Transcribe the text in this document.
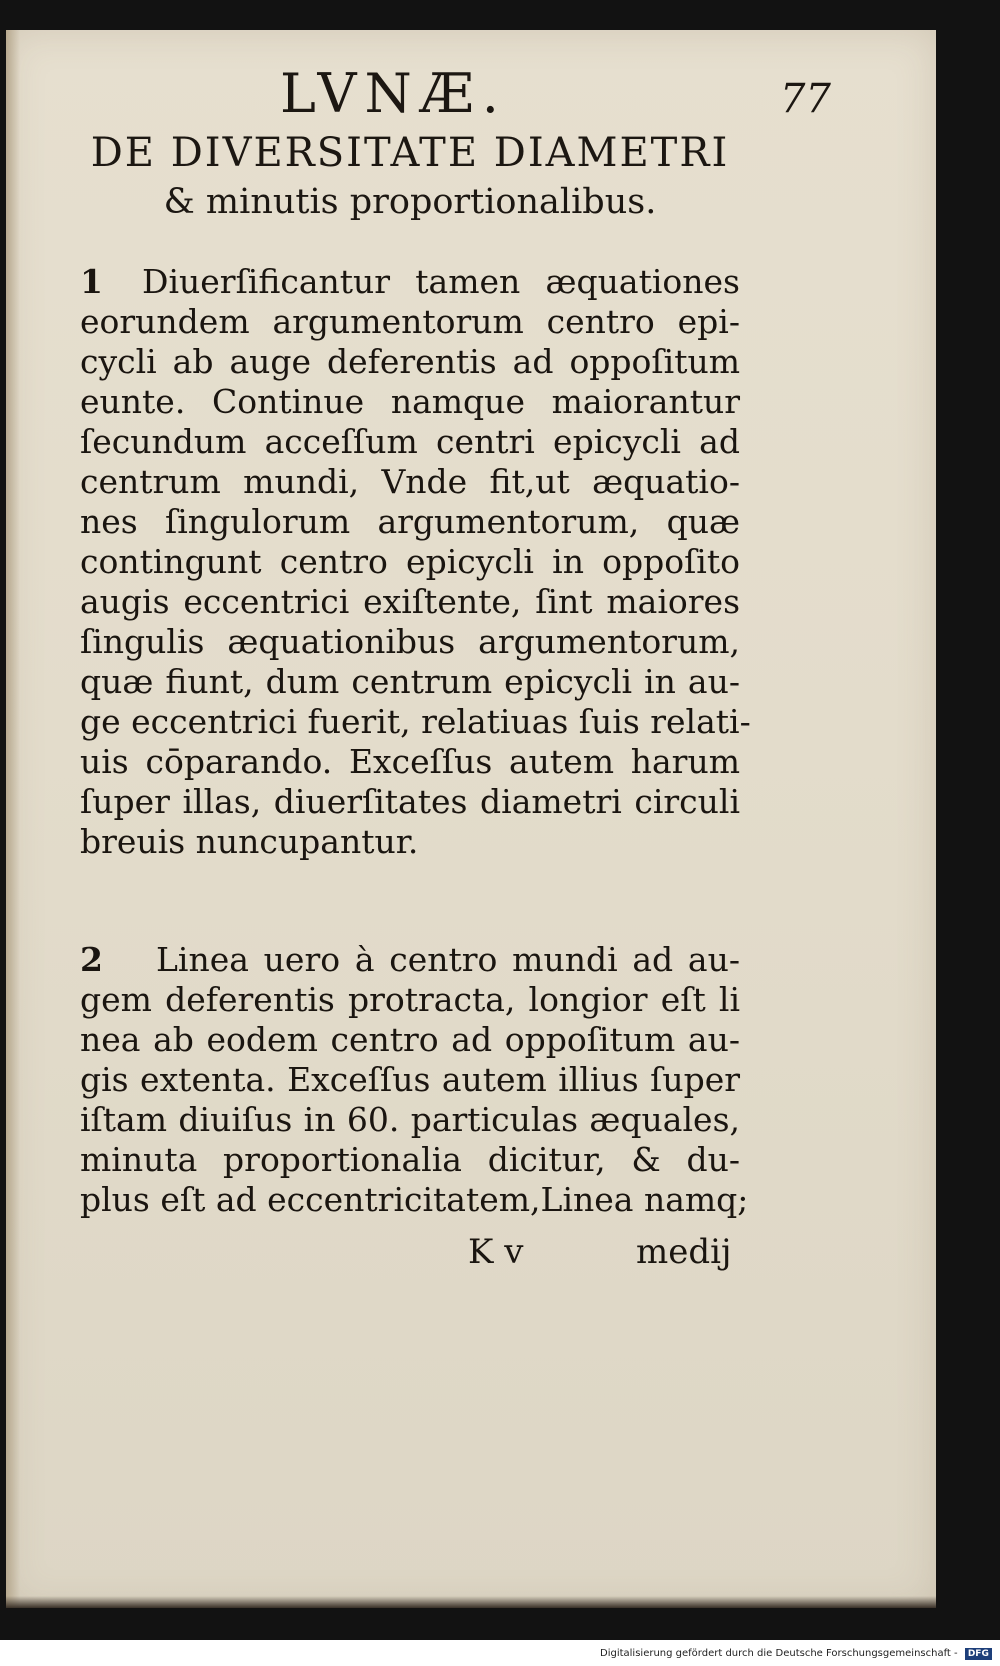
LVNÆ.	77
DE DIVERSITATE DIAMETRI
& minutis proportionalibus.
1	Diuerſificantur tamen æquationes
eorundem argumentorum centro epi-
cycli ab auge deferentis ad oppoſitum
eunte. Continue namque maiorantur
ſecundum acceſſum centri epicycli ad
centrum mundi, Vnde fit,ut æquatio-
nes ſingulorum argumentorum, quæ
contingunt centro epicycli in oppoſito
augis eccentrici exiſtente, ſint maiores
ſingulis æquationibus argumentorum,
quæ fiunt, dum centrum epicycli in au-
ge eccentrici fuerit, relatiuas ſuis relati-
uis cōparando. Exceſſus autem harum
ſuper illas, diuerſitates diametri circuli
breuis nuncupantur.
2	Linea uero à centro mundi ad au-
gem deferentis protracta, longior eſt li
nea ab eodem centro ad oppoſitum au-
gis extenta. Exceſſus autem illius ſuper
iſtam diuiſus in 60. particulas æquales,
minuta proportionalia dicitur, & du-
plus eſt ad eccentricitatem,Linea namq;
K v	medij
Digitalisierung gefördert durch die Deutsche Forschungsgemeinschaft - DFG
